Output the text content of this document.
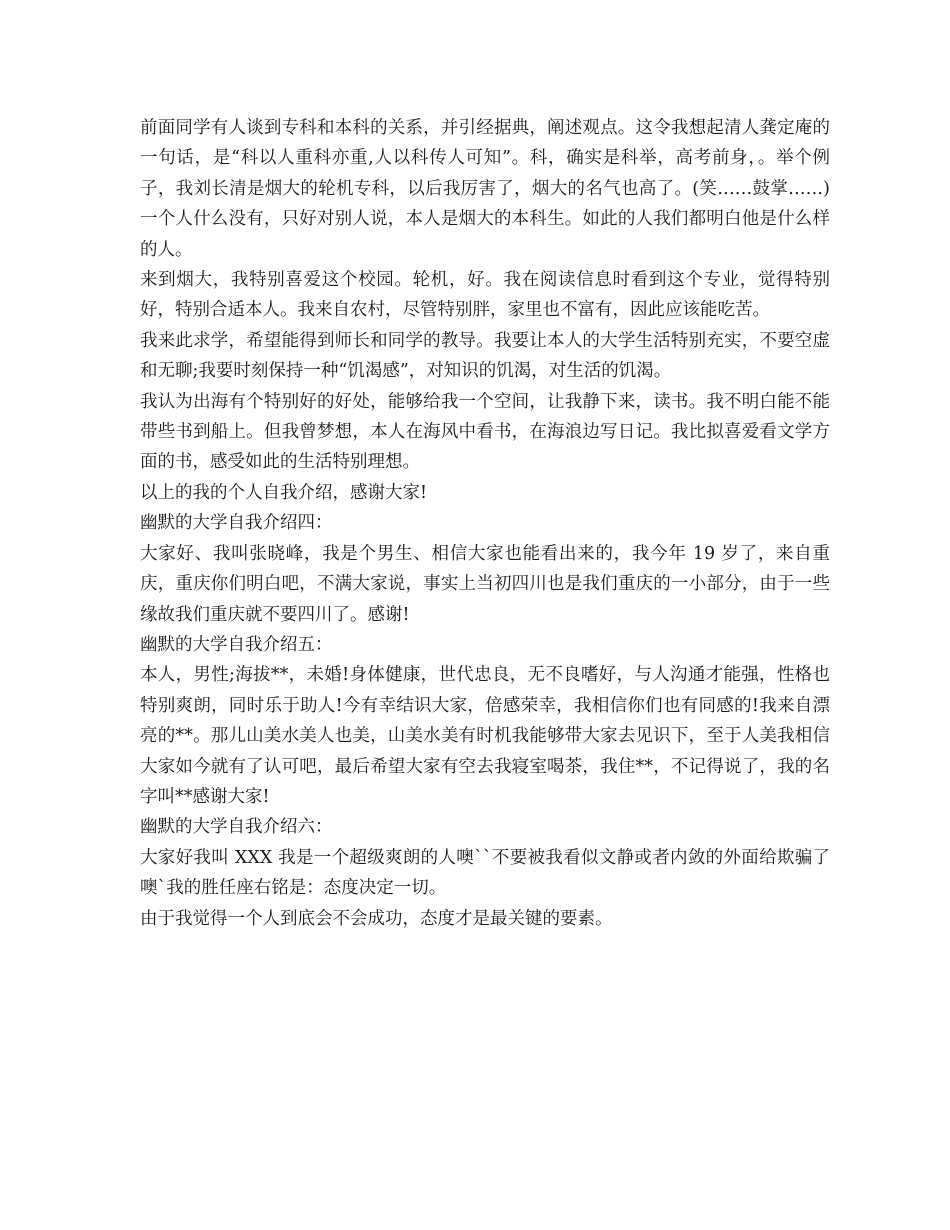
前面同学有人谈到专科和本科的关系，并引经据典，阐述观点。这令我想起清人龚定庵的一句话，是“科以人重科亦重,人以科传人可知”。科，确实是科举，高考前身，。举个例子，我刘长清是烟大的轮机专科，以后我厉害了，烟大的名气也高了。(笑……鼓掌……)一个人什么没有，只好对别人说，本人是烟大的本科生。如此的人我们都明白他是什么样的人。

来到烟大，我特别喜爱这个校园。轮机，好。我在阅读信息时看到这个专业，觉得特别好，特别合适本人。我来自农村，尽管特别胖，家里也不富有，因此应该能吃苦。

我来此求学，希望能得到师长和同学的教导。我要让本人的大学生活特别充实，不要空虚和无聊;我要时刻保持一种“饥渴感”，对知识的饥渴，对生活的饥渴。

我认为出海有个特别好的好处，能够给我一个空间，让我静下来，读书。我不明白能不能带些书到船上。但我曾梦想，本人在海风中看书，在海浪边写日记。我比拟喜爱看文学方面的书，感受如此的生活特别理想。

以上的我的个人自我介绍，感谢大家!

幽默的大学自我介绍四：

大家好、我叫张晓峰，我是个男生、相信大家也能看出来的，我今年 19 岁了，来自重庆，重庆你们明白吧，不满大家说，事实上当初四川也是我们重庆的一小部分，由于一些缘故我们重庆就不要四川了。感谢!

幽默的大学自我介绍五：

本人，男性;海拔**，未婚!身体健康，世代忠良，无不良嗜好，与人沟通才能强，性格也特别爽朗，同时乐于助人!今有幸结识大家，倍感荣幸，我相信你们也有同感的!我来自漂亮的**。那儿山美水美人也美，山美水美有时机我能够带大家去见识下，至于人美我相信大家如今就有了认可吧，最后希望大家有空去我寝室喝茶，我住**，不记得说了，我的名字叫**感谢大家!

幽默的大学自我介绍六：

大家好我叫 XXX 我是一个超级爽朗的人噢``不要被我看似文静或者内敛的外面给欺骗了噢`我的胜任座右铭是：态度决定一切。

由于我觉得一个人到底会不会成功，态度才是最关键的要素。
